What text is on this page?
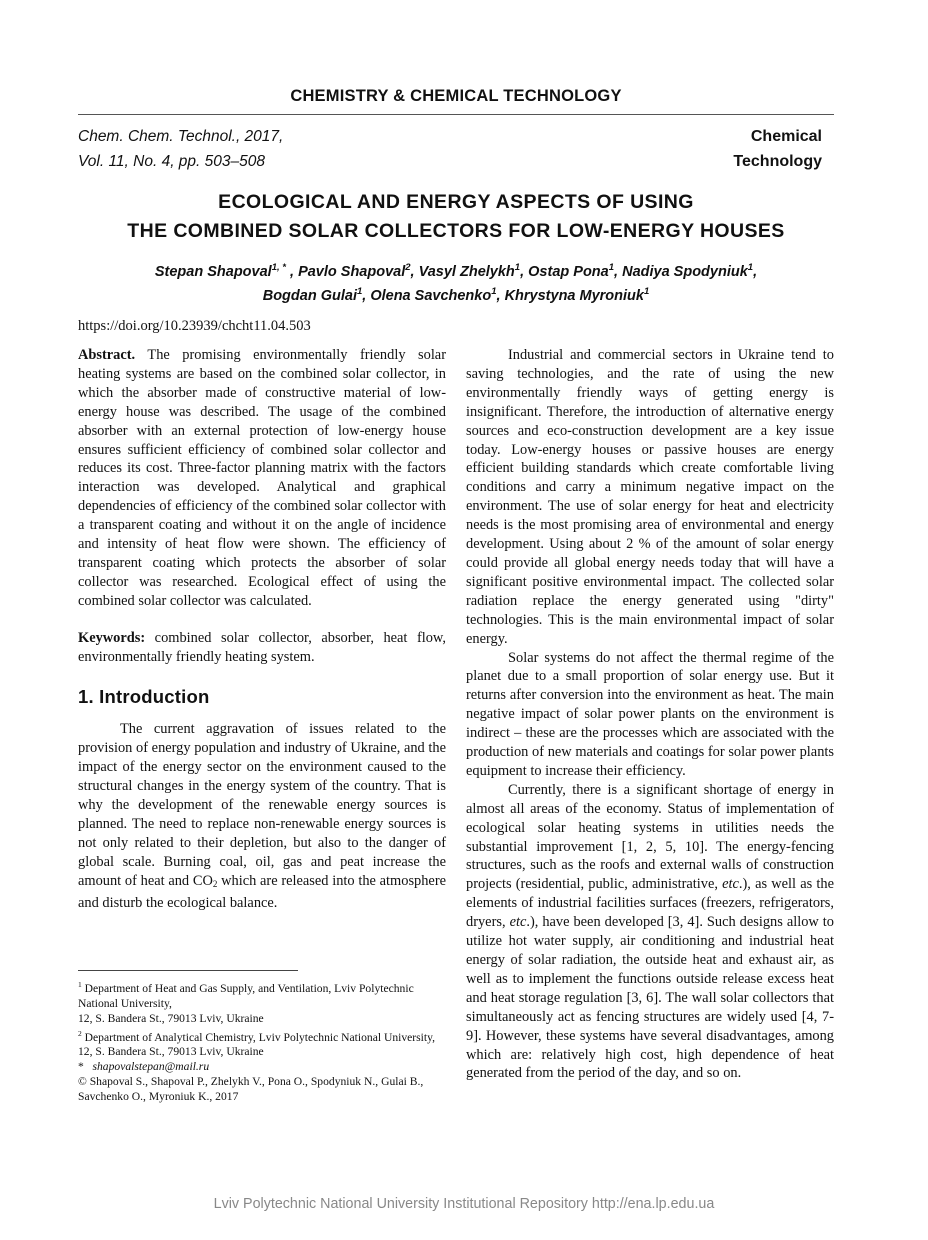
CHEMISTRY & CHEMICAL TECHNOLOGY
Chem. Chem. Technol., 2017,
Vol. 11, No. 4, pp. 503–508
Chemical
Technology
ECOLOGICAL AND ENERGY ASPECTS OF USING
THE COMBINED SOLAR COLLECTORS FOR LOW-ENERGY HOUSES
Stepan Shapoval$^{1, *}$ , Pavlo Shapoval$^2$, Vasyl Zhelykh$^1$, Ostap Pona$^1$, Nadiya Spodyniuk$^1$,
Bogdan Gulai$^1$, Olena Savchenko$^1$, Khrystyna Myroniuk$^1$
https://doi.org/10.23939/chcht11.04.503

Abstract. The promising environmentally friendly solar heating systems are based on the combined solar collector, in which the absorber made of constructive material of low-energy house was described. The usage of the combined absorber with an external protection of low-energy house ensures sufficient efficiency of combined solar collector and reduces its cost. Three-factor planning matrix with the factors interaction was developed. Analytical and graphical dependencies of efficiency of the combined solar collector with a transparent coating and without it on the angle of incidence and intensity of heat flow were shown. The efficiency of transparent coating which protects the absorber of solar collector was researched. Ecological effect of using the combined solar collector was calculated.

Keywords: combined solar collector, absorber, heat flow, environmentally friendly heating system.

1. Introduction

The current aggravation of issues related to the provision of energy population and industry of Ukraine, and the impact of the energy sector on the environment caused to the structural changes in the energy system of the country. That is why the development of the renewable energy sources is planned. The need to replace non-renewable energy sources is not only related to their depletion, but also to the danger of global scale. Burning coal, oil, gas and peat increase the amount of heat and $CO_2$ which are released into the atmosphere and disturb the ecological balance.

$^1$ Department of Heat and Gas Supply, and Ventilation, Lviv Polytechnic National University,
12, S. Bandera St., 79013 Lviv, Ukraine
$^2$ Department of Analytical Chemistry, Lviv Polytechnic National University,
12, S. Bandera St., 79013 Lviv, Ukraine
* shapovalstepan@mail.ru
© Shapoval S., Shapoval P., Zhelykh V., Pona O., Spodyniuk N., Gulai B., Savchenko O., Myroniuk K., 2017

Industrial and commercial sectors in Ukraine tend to saving technologies, and the rate of using the new environmentally friendly ways of getting energy is insignificant. Therefore, the introduction of alternative energy sources and eco-construction development are a key issue today. Low-energy houses or passive houses are energy efficient building standards which create comfortable living conditions and carry a minimum negative impact on the environment. The use of solar energy for heat and electricity needs is the most promising area of environmental and energy development. Using about 2 % of the amount of solar energy could provide all global energy needs today that will have a significant positive environmental impact. The collected solar radiation replace the energy generated using "dirty" technologies. This is the main environmental impact of solar energy.

Solar systems do not affect the thermal regime of the planet due to a small proportion of solar energy use. But it returns after conversion into the environment as heat. The main negative impact of solar power plants on the environment is indirect – these are the processes which are associated with the production of new materials and coatings for solar power plants equipment to increase their efficiency.

Currently, there is a significant shortage of energy in almost all areas of the economy. Status of implementation of ecological solar heating systems in utilities needs the substantial improvement [1, 2, 5, 10]. The energy-fencing structures, such as the roofs and external walls of construction projects (residential, public, administrative, etc.), as well as the elements of industrial facilities surfaces (freezers, refrigerators, dryers, etc.), have been developed [3, 4]. Such designs allow to utilize hot water supply, air conditioning and industrial heat energy of solar radiation, the outside heat and exhaust air, as well as to implement the functions outside release excess heat and heat storage regulation [3, 6]. The wall solar collectors that simultaneously act as fencing structures are widely used [4, 7-9]. However, these systems have several disadvantages, among which are: relatively high cost, high dependence of heat generated from the period of the day, and so on.

Lviv Polytechnic National University Institutional Repository http://ena.lp.edu.ua
